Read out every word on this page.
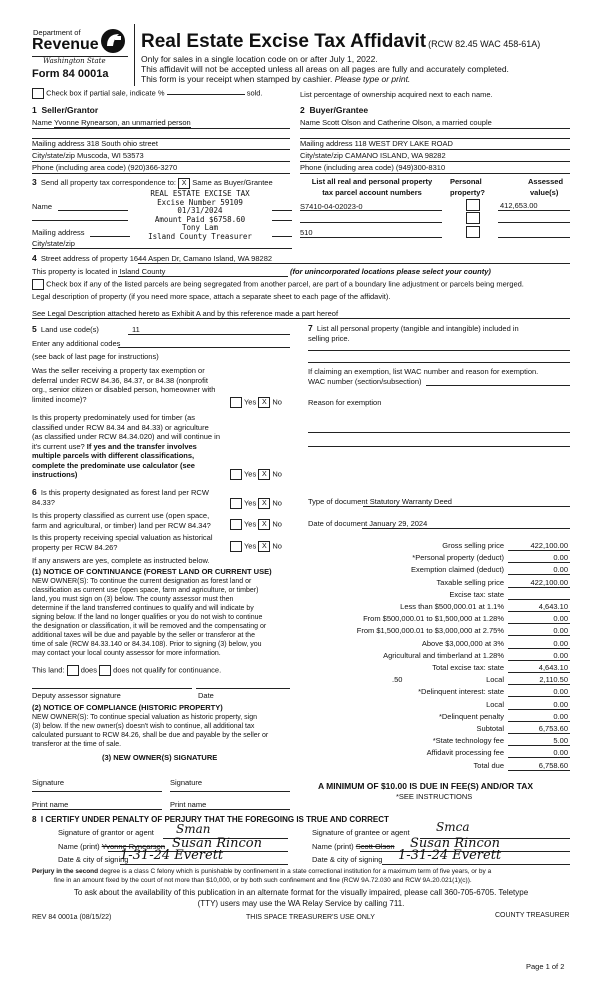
Department of
Revenue
Washington State
Form 84 0001a
Real Estate Excise Tax Affidavit (RCW 82.45 WAC 458-61A)
Only for sales in a single location code on or after July 1, 2022.
This affidavit will not be accepted unless all areas on all pages are fully and accurately completed.
This form is your receipt when stamped by cashier. Please type or print.
Check box if partial sale, indicate %	sold.	List percentage of ownership acquired next to each name.
1 Seller/Grantor
Name Yvonne Rynearson, an unmarried person
Mailing address 318 South ohio street
City/state/zip Muscoda, WI 53573
Phone (including area code) (920)366-3270
2 Buyer/Grantee
Name Scott Olson and Catherine Olson, a married couple
Mailing address 118 WEST DRY LAKE ROAD
City/state/zip CAMANO ISLAND, WA 98282
Phone (including area code) (949)300-8310
3 Send all property tax correspondence to: X Same as Buyer/Grantee
REAL ESTATE EXCISE TAX
Excise Number 59109
01/31/2024
Amount Paid $6758.60
Tony Lam
Island County Treasurer
Name
Mailing address
City/state/zip
List all real and personal property
tax parcel account numbers
Personal
property?
Assessed
value(s)
S7410-04-02023-0	412,653.00
510
4 Street address of property 1644 Aspen Dr, Camano Island, WA 98282
This property is located in Island County	(for unincorporated locations please select your county)
Check box if any of the listed parcels are being segregated from another parcel, are part of a boundary line adjustment or parcels being merged.
Legal description of property (if you need more space, attach a separate sheet to each page of the affidavit).
See Legal Description attached hereto as Exhibit A and by this reference made a part hereof
5 Land use code(s)	11
Enter any additional codes
(see back of last page for instructions)
Was the seller receiving a property tax exemption or
deferral under RCW 84.36, 84.37, or 84.38 (nonprofit
org., senior citizen or disabled person, homeowner with
limited income)?	Yes X No
Is this property predominately used for timber (as
classified under RCW 84.34 and 84.33) or agriculture
(as classified under RCW 84.34.020) and will continue in
it's current use? If yes and the transfer involves
multiple parcels with different classifications,
complete the predominate use calculator (see
instructions)	Yes X No
7 List all personal property (tangible and intangible) included in
selling price.
If claiming an exemption, list WAC number and reason for exemption.
WAC number (section/subsection)
Reason for exemption
Type of document Statutory Warranty Deed
Date of document January 29, 2024
6 Is this property designated as forest land per RCW
84.33?	Yes X No
Is this property classified as current use (open space,
farm and agricultural, or timber) land per RCW 84.34?	Yes X No
Is this property receiving special valuation as historical
property per RCW 84.26?	Yes X No
If any answers are yes, complete as instructed below.
(1) NOTICE OF CONTINUANCE (FOREST LAND OR CURRENT USE)
NEW OWNER(S): To continue the current designation as forest land or
classification as current use (open space, farm and agriculture, or timber)
land, you must sign on (3) below. The county assessor must then
determine if the land transferred continues to qualify and will indicate by
signing below. If the land no longer qualifies or you do not wish to continue
the designation or classification, it will be removed and the compensating or
additional taxes will be due and payable by the seller or transferor at the
time of sale (RCW 84.33.140 or 84.34.108). Prior to signing (3) below, you
may contact your local county assessor for more information.
This land: does does not qualify for continuance.
Deputy assessor signature	Date
(2) NOTICE OF COMPLIANCE (HISTORIC PROPERTY)
NEW OWNER(S): To continue special valuation as historic property, sign
(3) below. If the new owner(s) doesn't wish to continue, all additional tax
calculated pursuant to RCW 84.26, shall be due and payable by the seller or
transferor at the time of sale.
(3) NEW OWNER(S) SIGNATURE
Signature	Signature
Print name	Print name
Gross selling price	422,100.00
*Personal property (deduct)	0.00
Exemption claimed (deduct)	0.00
Taxable selling price	422,100.00
Excise tax: state
Less than $500,000.01 at 1.1%	4,643.10
From $500,000.01 to $1,500,000 at 1.28%	0.00
From $1,500,000.01 to $3,000,000 at 2.75%	0.00
Above $3,000,000 at 3%	0.00
Agricultural and timberland at 1.28%	0.00
Total excise tax: state	4,643.10
Local
.50	2,110.50
*Delinquent interest: state	0.00
Local	0.00
*Delinquent penalty	0.00
Subtotal	6,753.60
*State technology fee	5.00
Affidavit processing fee	0.00
Total due	6,758.60
A MINIMUM OF $10.00 IS DUE IN FEE(S) AND/OR TAX
*SEE INSTRUCTIONS
8 I CERTIFY UNDER PENALTY OF PERJURY THAT THE FOREGOING IS TRUE AND CORRECT
Signature of grantor or agent Sman
Name (print) Yvonne Rynearson Susan Rincon
Date & city of signing
1-31-24 Everett
Signature of grantee or agent Smca
Name (print) Scott Olson Susan Rincon
Date & city of signing 1-31-24 Everett
Perjury in the second degree is a class C felony which is punishable by confinement in a state correctional institution for a maximum term of five years, or by a
fine in an amount fixed by the court of not more than $10,000, or by both such confinement and fine (RCW 9A.72.030 and RCW 9A.20.021(1)(c)).
To ask about the availability of this publication in an alternate format for the visually impaired, please call 360-705-6705. Teletype
(TTY) users may use the WA Relay Service by calling 711.
REV 84 0001a (08/15/22)	THIS SPACE TREASURER'S USE ONLY	COUNTY TREASURER
Page 1 of 2
